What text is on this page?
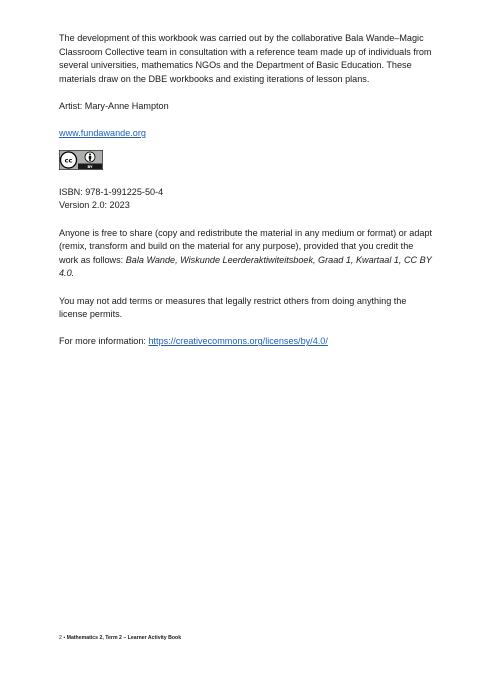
The development of this workbook was carried out by the collaborative Bala Wande–Magic Classroom Collective team in consultation with a reference team made up of individuals from several universities, mathematics NGOs and the Department of Basic Education. These materials draw on the DBE workbooks and existing iterations of lesson plans.

Artist: Mary-Anne Hampton

www.fundawande.org

cc
BY

ISBN: 978-1-991225-50-4

Version 2.0: 2023

Anyone is free to share (copy and redistribute the material in any medium or format) or adapt (remix, transform and build on the material for any purpose), provided that you credit the work as follows: Bala Wande, Wiskunde Leerderaktiwiteitsboek, Graad 1, Kwartaal 1, CC BY 4.0.

You may not add terms or measures that legally restrict others from doing anything the license permits.

For more information: https://creativecommons.org/licenses/by/4.0/

2 • Mathematics 2, Term 2 – Learner Activity Book
